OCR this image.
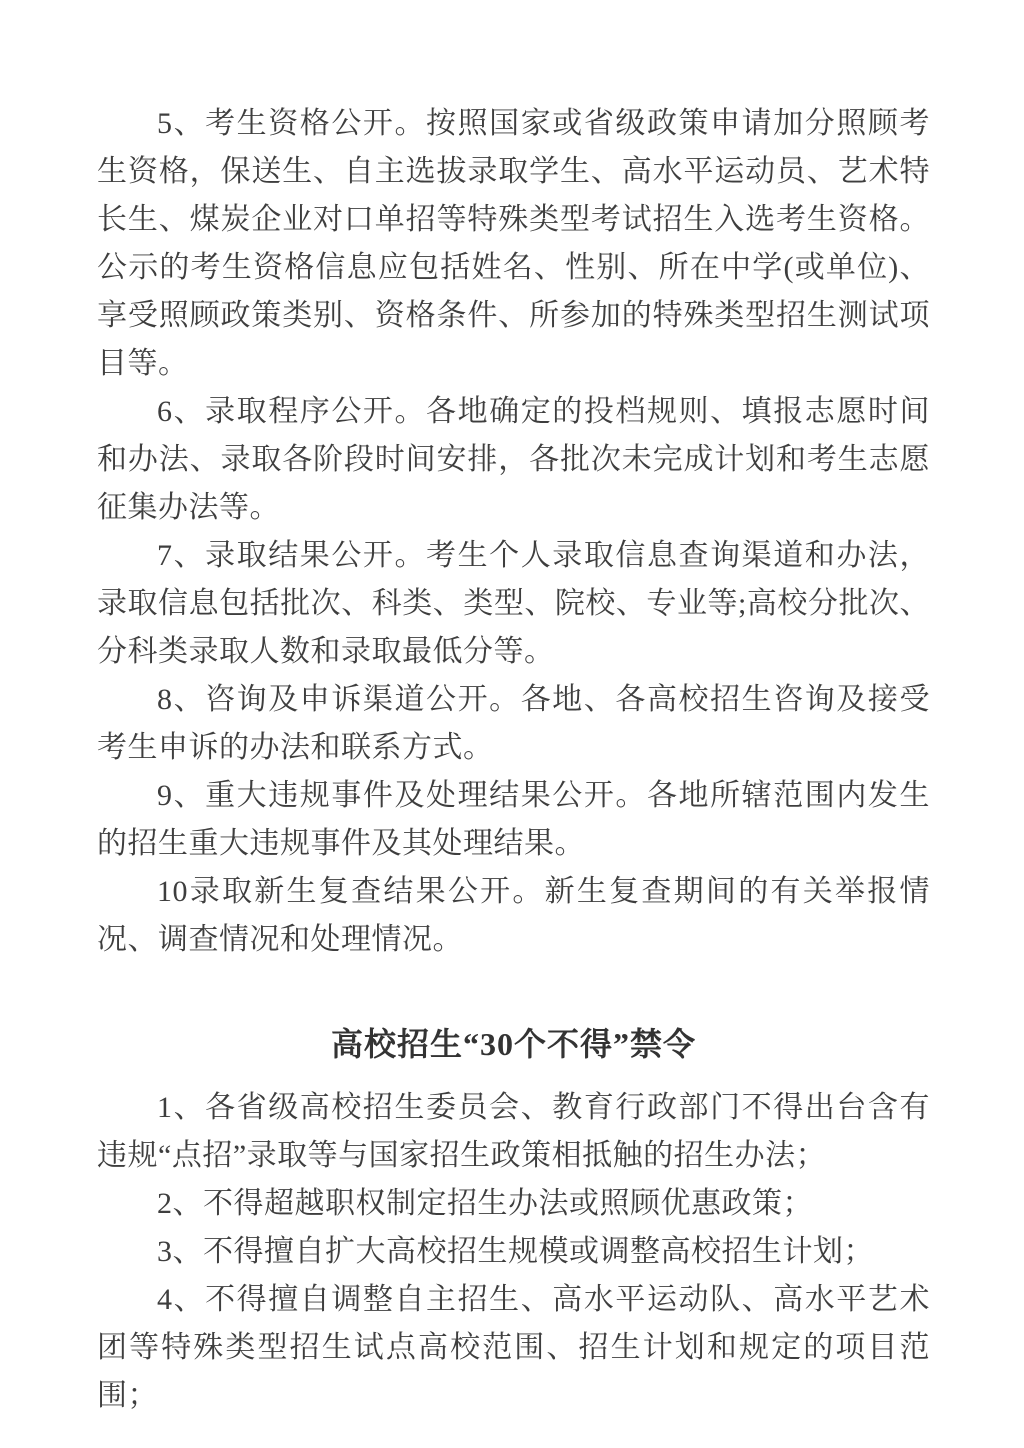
5、考生资格公开。按照国家或省级政策申请加分照顾考生资格，保送生、自主选拔录取学生、高水平运动员、艺术特长生、煤炭企业对口单招等特殊类型考试招生入选考生资格。公示的考生资格信息应包括姓名、性别、所在中学(或单位)、享受照顾政策类别、资格条件、所参加的特殊类型招生测试项目等。

6、录取程序公开。各地确定的投档规则、填报志愿时间和办法、录取各阶段时间安排，各批次未完成计划和考生志愿征集办法等。

7、录取结果公开。考生个人录取信息查询渠道和办法，录取信息包括批次、科类、类型、院校、专业等;高校分批次、分科类录取人数和录取最低分等。

8、咨询及申诉渠道公开。各地、各高校招生咨询及接受考生申诉的办法和联系方式。

9、重大违规事件及处理结果公开。各地所辖范围内发生的招生重大违规事件及其处理结果。

10录取新生复查结果公开。新生复查期间的有关举报情况、调查情况和处理情况。

高校招生“30个不得”禁令

1、各省级高校招生委员会、教育行政部门不得出台含有违规“点招”录取等与国家招生政策相抵触的招生办法；

2、不得超越职权制定招生办法或照顾优惠政策；

3、不得擅自扩大高校招生规模或调整高校招生计划；

4、不得擅自调整自主招生、高水平运动队、高水平艺术团等特殊类型招生试点高校范围、招生计划和规定的项目范围；
